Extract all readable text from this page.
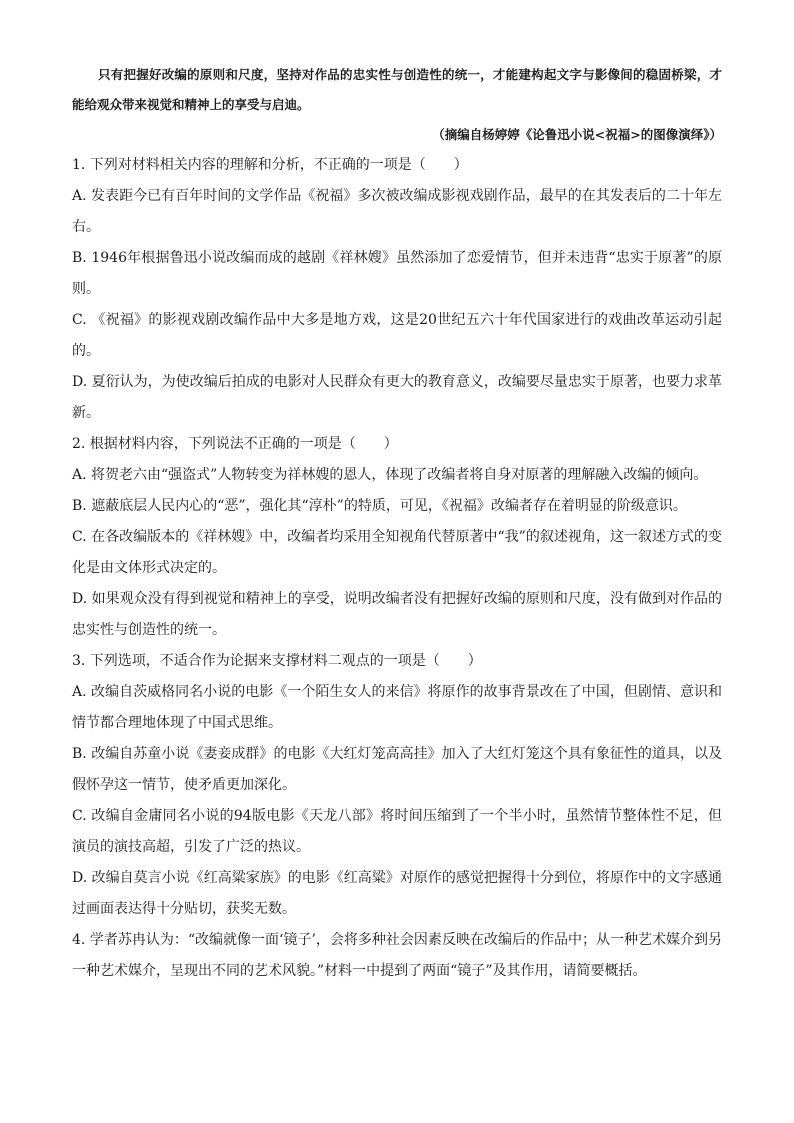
只有把握好改编的原则和尺度，坚持对作品的忠实性与创造性的统一，才能建构起文字与影像间的稳固桥梁，才能给观众带来视觉和精神上的享受与启迪。

（摘编自杨婷婷《论鲁迅小说<祝福>的图像演绎》）

1. 下列对材料相关内容的理解和分析，不正确的一项是（　　）

A. 发表距今已有百年时间的文学作品《祝福》多次被改编成影视戏剧作品，最早的在其发表后的二十年左右。

B. 1946年根据鲁迅小说改编而成的越剧《祥林嫂》虽然添加了恋爱情节，但并未违背“忠实于原著”的原则。

C. 《祝福》的影视戏剧改编作品中大多是地方戏，这是20世纪五六十年代国家进行的戏曲改革运动引起的。

D. 夏衍认为，为使改编后拍成的电影对人民群众有更大的教育意义，改编要尽量忠实于原著，也要力求革新。

2. 根据材料内容，下列说法不正确的一项是（　　）

A. 将贺老六由“强盗式”人物转变为祥林嫂的恩人，体现了改编者将自身对原著的理解融入改编的倾向。

B. 遮蔽底层人民内心的“恶”，强化其“淳朴”的特质，可见，《祝福》改编者存在着明显的阶级意识。

C. 在各改编版本的《祥林嫂》中，改编者均采用全知视角代替原著中“我”的叙述视角，这一叙述方式的变化是由文体形式决定的。

D. 如果观众没有得到视觉和精神上的享受，说明改编者没有把握好改编的原则和尺度，没有做到对作品的忠实性与创造性的统一。

3. 下列选项，不适合作为论据来支撑材料二观点的一项是（　　）

A. 改编自茨威格同名小说的电影《一个陌生女人的来信》将原作的故事背景改在了中国，但剧情、意识和情节都合理地体现了中国式思维。

B. 改编自苏童小说《妻妾成群》的电影《大红灯笼高高挂》加入了大红灯笼这个具有象征性的道具，以及假怀孕这一情节，使矛盾更加深化。

C. 改编自金庸同名小说的94版电影《天龙八部》将时间压缩到了一个半小时，虽然情节整体性不足，但演员的演技高超，引发了广泛的热议。

D. 改编自莫言小说《红高粱家族》的电影《红高粱》对原作的感觉把握得十分到位，将原作中的文字感通过画面表达得十分贴切，获奖无数。

4. 学者苏冉认为：“改编就像一面‘镜子’，会将多种社会因素反映在改编后的作品中；从一种艺术媒介到另一种艺术媒介，呈现出不同的艺术风貌。”材料一中提到了两面“镜子”及其作用，请简要概括。
